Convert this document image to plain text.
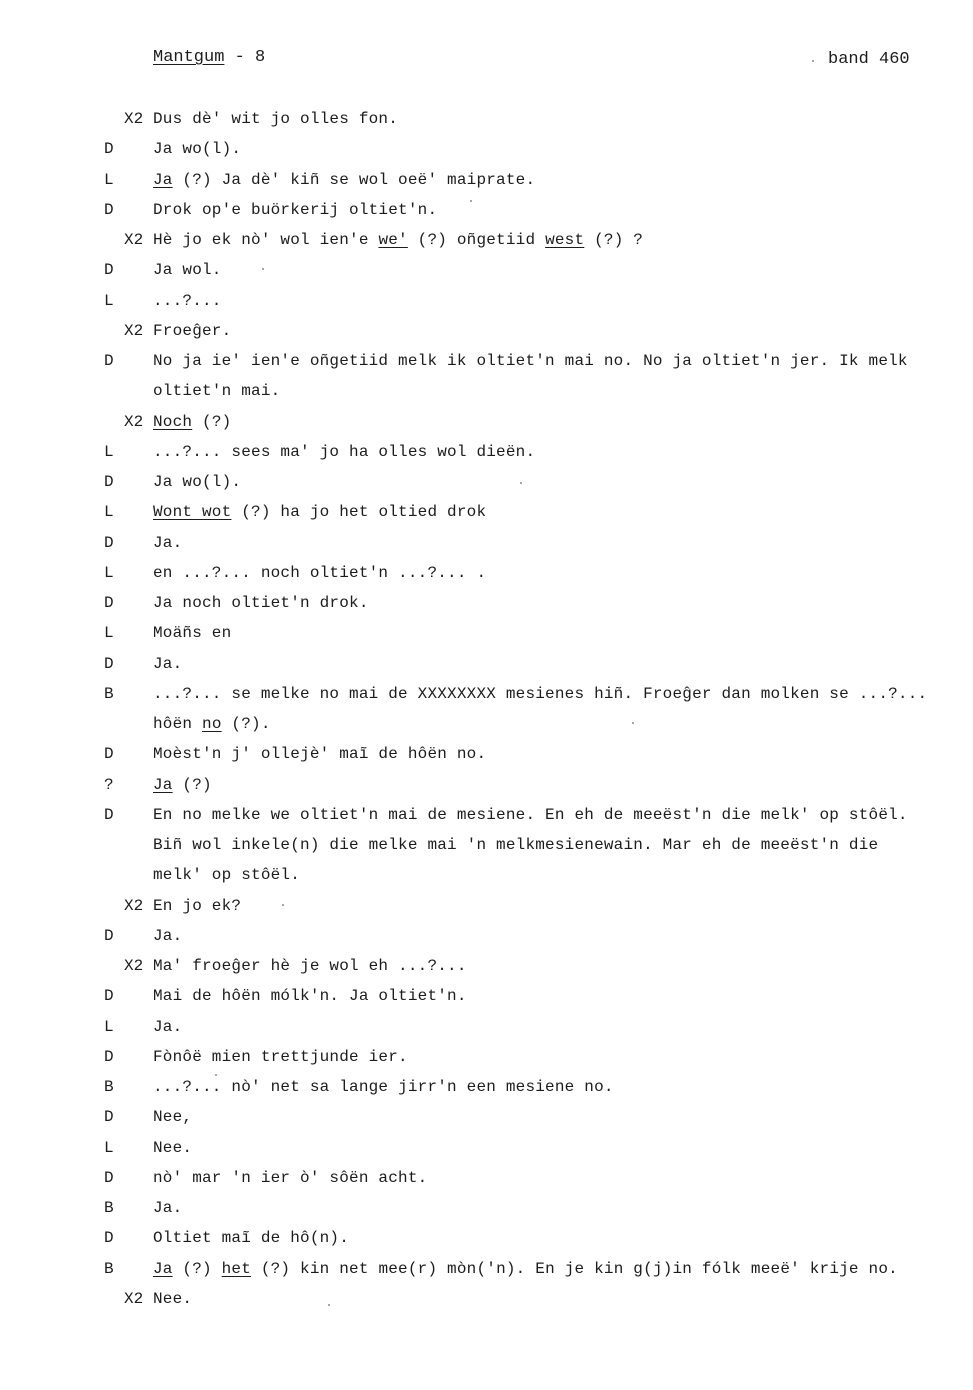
Mantgum - 8	band 460
X2 Dus dè' wit jo olles fon.
D Ja wo(l).
L Ja (?) Ja dè' kiñ se wol oeë' maiprate.
D Drok op'e buörkerij oltiet'n.
X2 Hè jo ek nò' wol ien'e we' (?) oñgetiid west (?) ?
D Ja wol.
L ...?...
X2 Froeĝer.
D No ja ie' ien'e oñgetiid melk ik oltiet'n mai no. No ja oltiet'n jer. Ik melk
oltiet'n mai.
X2 Noch (?)
L ...?... sees ma' jo ha olles wol dieën.
D Ja wo(l).
L Wont wot (?) ha jo het oltied drok
D Ja.
L en ...?... noch oltiet'n ...?... .
D Ja noch oltiet'n drok.
L Moäñs en
D Ja.
B ...?... se melke no mai de XXXXXXXX mesienes hiñ. Froeĝer dan molken se ...?...
hôën no (?).
D Moèst'n j' ollejè' maĩ de hôën no.
? Ja (?)
D En no melke we oltiet'n mai de mesiene. En eh de meeëst'n die melk' op stôël.
Biñ wol inkele(n) die melke mai 'n melkmesienewain. Mar eh de meeëst'n die
melk' op stôël.
X2 En jo ek?
D Ja.
X2 Ma' froeĝer hè je wol eh ...?...
D Mai de hôën mólk'n. Ja oltiet'n.
L Ja.
D Fònôë mien trettjunde ier.
B ...?... nò' net sa lange jirr'n een mesiene no.
D Nee,
L Nee.
D nò' mar 'n ier ò' sôën acht.
B Ja.
D Oltiet maĩ de hô(n).
B Ja (?) het (?) kin net mee(r) mòn('n). En je kin g(j)in fólk meeë' krije no.
X2 Nee.
